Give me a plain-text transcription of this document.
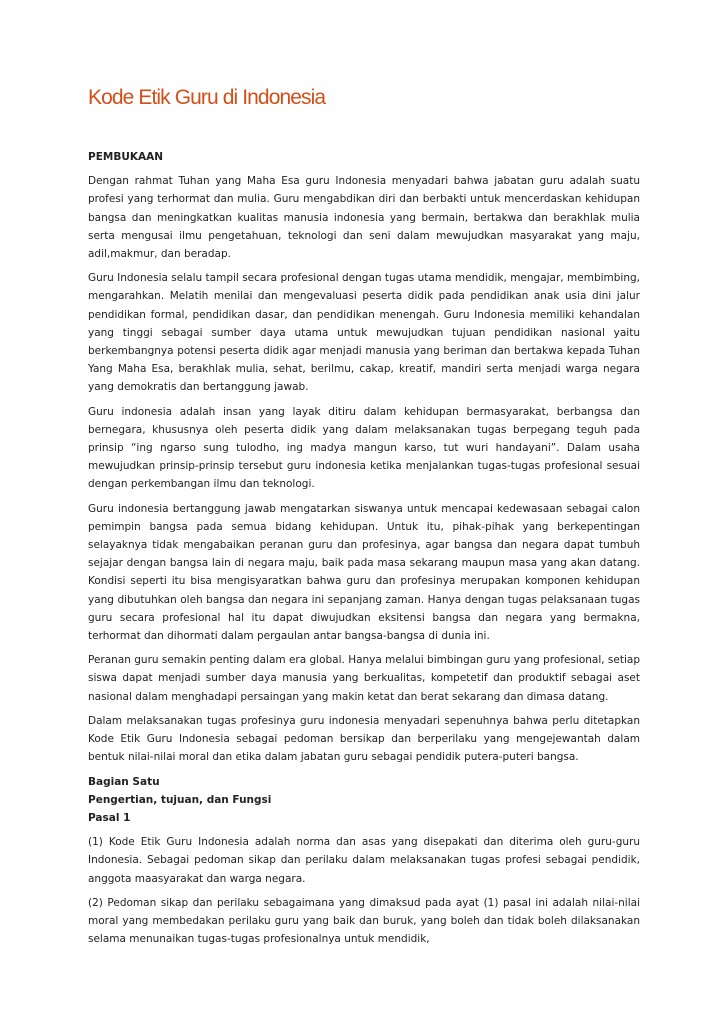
Kode Etik Guru di Indonesia

PEMBUKAAN

Dengan rahmat Tuhan yang Maha Esa guru Indonesia menyadari bahwa jabatan guru adalah suatu profesi yang terhormat dan mulia. Guru mengabdikan diri dan berbakti untuk mencerdaskan kehidupan bangsa dan meningkatkan kualitas manusia indonesia yang bermain, bertakwa dan berakhlak mulia serta mengusai ilmu pengetahuan, teknologi dan seni dalam mewujudkan masyarakat yang maju, adil,makmur, dan beradap.

Guru Indonesia selalu tampil secara profesional dengan tugas utama mendidik, mengajar, membimbing, mengarahkan. Melatih menilai dan mengevaluasi peserta didik pada pendidikan anak usia dini jalur pendidikan formal, pendidikan dasar, dan pendidikan menengah. Guru Indonesia memiliki kehandalan yang tinggi sebagai sumber daya utama untuk mewujudkan tujuan pendidikan nasional yaitu berkembangnya potensi peserta didik agar menjadi manusia yang beriman dan bertakwa kepada Tuhan Yang Maha Esa, berakhlak mulia, sehat, berilmu, cakap, kreatif, mandiri serta menjadi warga negara yang demokratis dan bertanggung jawab.

Guru indonesia adalah insan yang layak ditiru dalam kehidupan bermasyarakat, berbangsa dan bernegara, khususnya oleh peserta didik yang dalam melaksanakan tugas berpegang teguh pada prinsip “ing ngarso sung tulodho, ing madya mangun karso, tut wuri handayani”. Dalam usaha mewujudkan prinsip-prinsip tersebut guru indonesia ketika menjalankan tugas-tugas profesional sesuai dengan perkembangan ilmu dan teknologi.

Guru indonesia bertanggung jawab mengatarkan siswanya untuk mencapai kedewasaan sebagai calon pemimpin bangsa pada semua bidang kehidupan. Untuk itu, pihak-pihak yang berkepentingan selayaknya tidak mengabaikan peranan guru dan profesinya, agar bangsa dan negara dapat tumbuh sejajar dengan bangsa lain di negara maju, baik pada masa sekarang maupun masa yang akan datang. Kondisi seperti itu bisa mengisyaratkan bahwa guru dan profesinya merupakan komponen kehidupan yang dibutuhkan oleh bangsa dan negara ini sepanjang zaman. Hanya dengan tugas pelaksanaan tugas guru secara profesional hal itu dapat diwujudkan eksitensi bangsa dan negara yang bermakna, terhormat dan dihormati dalam pergaulan antar bangsa-bangsa di dunia ini.

Peranan guru semakin penting dalam era global. Hanya melalui bimbingan guru yang profesional, setiap siswa dapat menjadi sumber daya manusia yang berkualitas, kompetetif dan produktif sebagai aset nasional dalam menghadapi persaingan yang makin ketat dan berat sekarang dan dimasa datang.

Dalam melaksanakan tugas profesinya guru indonesia menyadari sepenuhnya bahwa perlu ditetapkan Kode Etik Guru Indonesia sebagai pedoman bersikap dan berperilaku yang mengejewantah dalam bentuk nilai-nilai moral dan etika dalam jabatan guru sebagai pendidik putera-puteri bangsa.

Bagian Satu

Pengertian, tujuan, dan Fungsi

Pasal 1

(1) Kode Etik Guru Indonesia adalah norma dan asas yang disepakati dan diterima oleh guru-guru Indonesia. Sebagai pedoman sikap dan perilaku dalam melaksanakan tugas profesi sebagai pendidik, anggota maasyarakat dan warga negara.

(2) Pedoman sikap dan perilaku sebagaimana yang dimaksud pada ayat (1) pasal ini adalah nilai-nilai moral yang membedakan perilaku guru yang baik dan buruk, yang boleh dan tidak boleh dilaksanakan selama menunaikan tugas-tugas profesionalnya untuk mendidik,
